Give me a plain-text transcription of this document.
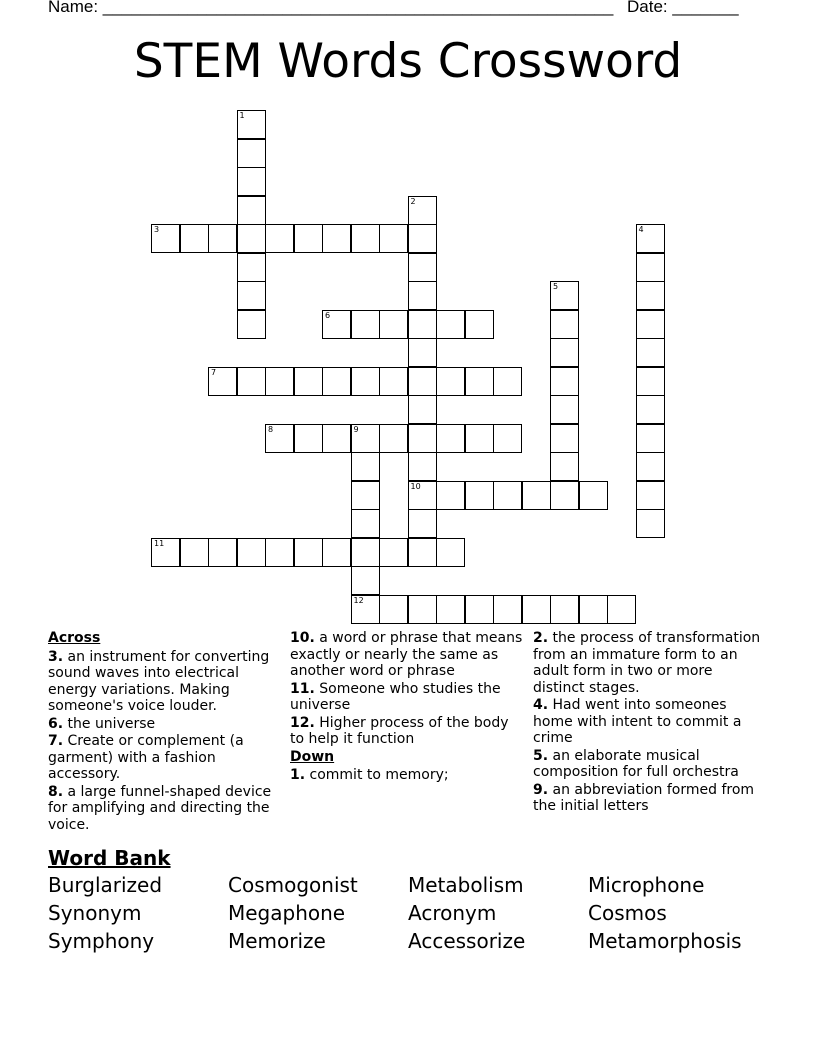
Name: ______________________________________________________ Date: _______
STEM Words Crossword
1
2
10
3	4
5
6
7
8	9
12
11
Across
3. an instrument for converting sound waves into electrical energy variations. Making someone's voice louder.
6. the universe
7. Create or complement (a garment) with a fashion accessory.
8. a large funnel-shaped device for amplifying and directing the voice.
10. a word or phrase that means exactly or nearly the same as another word or phrase
11. Someone who studies the universe
12. Higher process of the body to help it function
Down
1. commit to memory;
2. the process of transformation from an immature form to an adult form in two or more distinct stages.
4. Had went into someones home with intent to commit a crime
5. an elaborate musical composition for full orchestra
9. an abbreviation formed from the initial letters
Word Bank
Burglarized	Cosmogonist	Metabolism	Microphone
Synonym	Megaphone	Acronym	Cosmos
Symphony	Memorize	Accessorize	Metamorphosis
